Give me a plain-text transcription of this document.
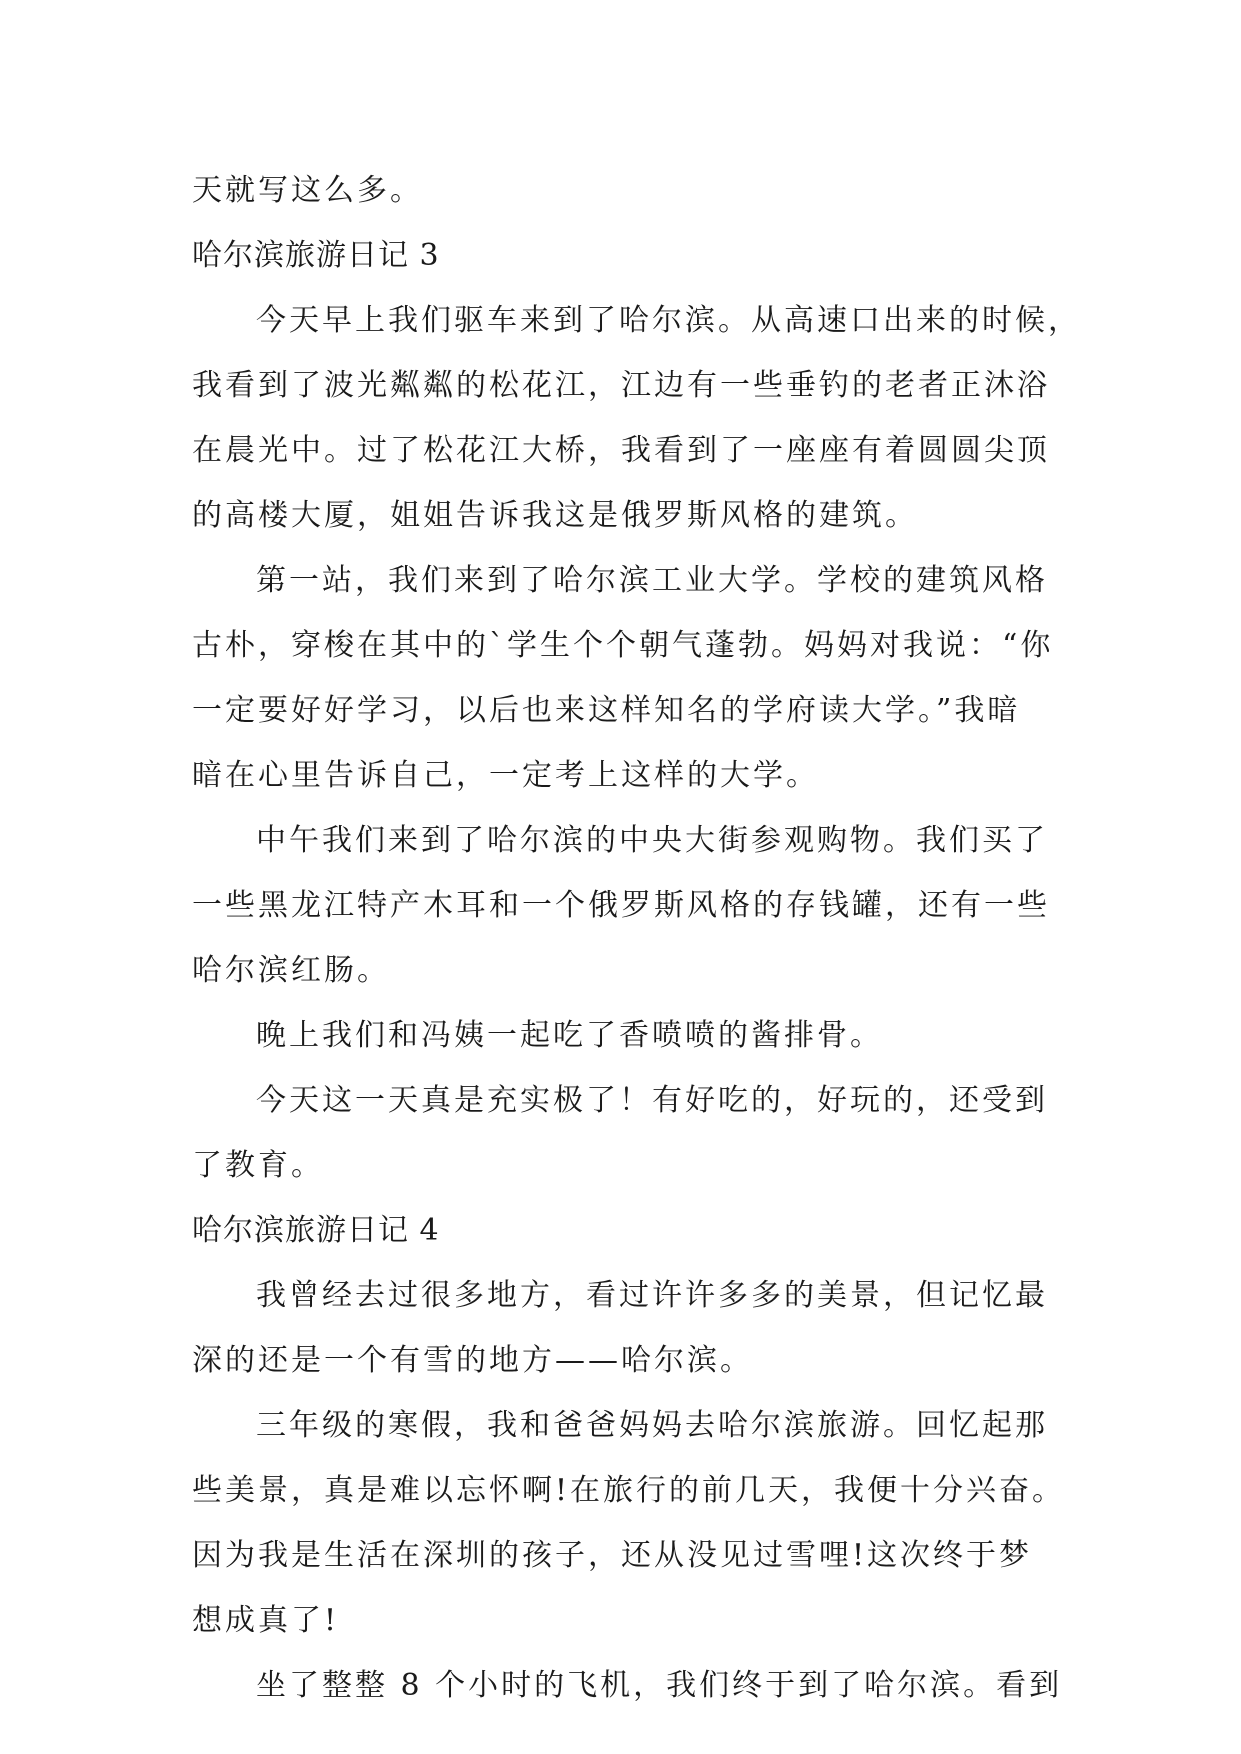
天就写这么多。
哈尔滨旅游日记 3
今天早上我们驱车来到了哈尔滨。从高速口出来的时候，
我看到了波光粼粼的松花江，江边有一些垂钓的老者正沐浴
在晨光中。过了松花江大桥，我看到了一座座有着圆圆尖顶
的高楼大厦，姐姐告诉我这是俄罗斯风格的建筑。
第一站，我们来到了哈尔滨工业大学。学校的建筑风格
古朴，穿梭在其中的`学生个个朝气蓬勃。妈妈对我说：“你
一定要好好学习，以后也来这样知名的学府读大学。”我暗
暗在心里告诉自己，一定考上这样的大学。
中午我们来到了哈尔滨的中央大街参观购物。我们买了
一些黑龙江特产木耳和一个俄罗斯风格的存钱罐，还有一些
哈尔滨红肠。
晚上我们和冯姨一起吃了香喷喷的酱排骨。
今天这一天真是充实极了！有好吃的，好玩的，还受到
了教育。
哈尔滨旅游日记 4
我曾经去过很多地方，看过许许多多的美景，但记忆最
深的还是一个有雪的地方——哈尔滨。
三年级的寒假，我和爸爸妈妈去哈尔滨旅游。回忆起那
些美景，真是难以忘怀啊!在旅行的前几天，我便十分兴奋。
因为我是生活在深圳的孩子，还从没见过雪哩!这次终于梦
想成真了!
坐了整整 8 个小时的飞机，我们终于到了哈尔滨。看到
